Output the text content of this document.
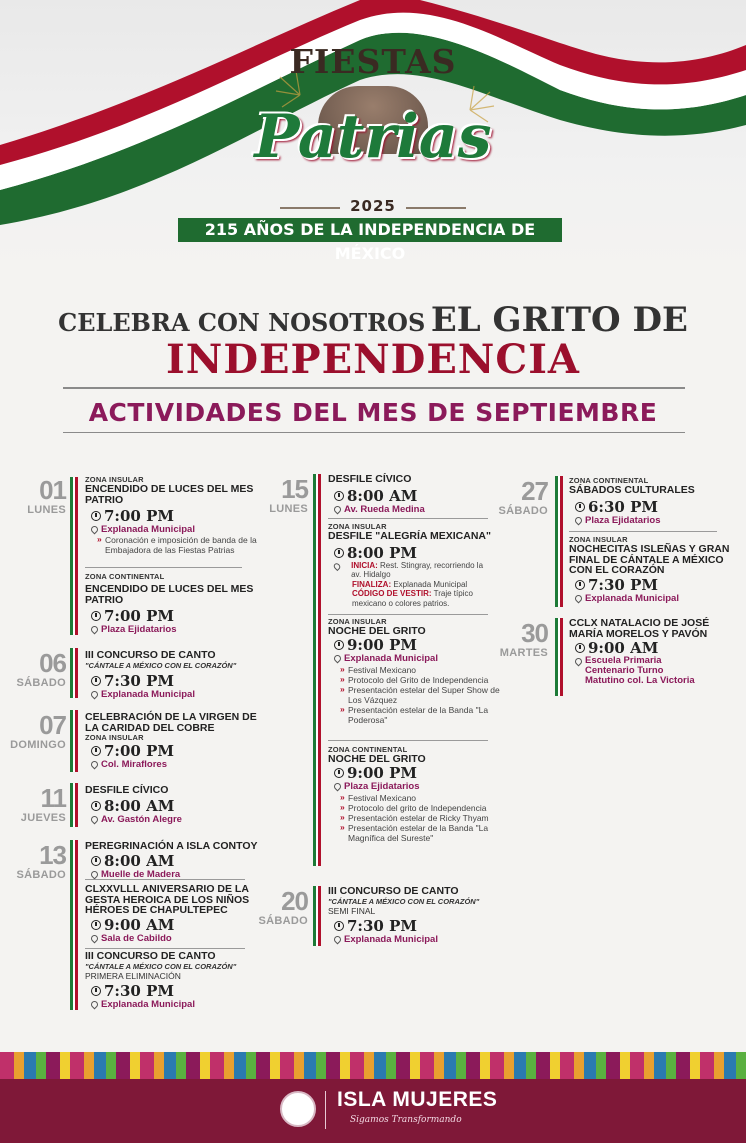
FIESTAS
Patrias
2025
215 AÑOS DE LA INDEPENDENCIA DE MÉXICO
CELEBRA CON NOSOTROS EL GRITO DE
INDEPENDENCIA
ACTIVIDADES DEL MES DE SEPTIEMBRE
01
LUNES
ZONA INSULAR
ENCENDIDO DE LUCES DEL MES PATRIO
7:00 PM
Explanada Municipal
» Coronación e imposición de banda de la Embajadora de las Fiestas Patrias
ZONA CONTINENTAL
ENCENDIDO DE LUCES DEL MES PATRIO
7:00 PM
Plaza Ejidatarios
06
SÁBADO
III CONCURSO DE CANTO
"CÁNTALE A MÉXICO CON EL CORAZÓN"
7:30 PM
Explanada Municipal
07
DOMINGO
CELEBRACIÓN DE LA VIRGEN DE LA CARIDAD DEL COBRE
ZONA INSULAR
7:00 PM
Col. Miraflores
11
JUEVES
DESFILE CÍVICO
8:00 AM
Av. Gastón Alegre
13
SÁBADO
PEREGRINACIÓN A ISLA CONTOY
8:00 AM
Muelle de Madera
CLXXVLLL ANIVERSARIO DE LA GESTA HEROICA DE LOS NIÑOS HÉROES DE CHAPULTEPEC
9:00 AM
Sala de Cabildo
III CONCURSO DE CANTO
"CÁNTALE A MÉXICO CON EL CORAZÓN"
PRIMERA ELIMINACIÓN
7:30 PM
Explanada Municipal
15
LUNES
DESFILE CÍVICO
8:00 AM
Av. Rueda Medina
ZONA INSULAR
DESFILE "ALEGRÍA MEXICANA"
8:00 PM
INICIA: Rest. Stingray, recorriendo la av. Hidalgo
FINALIZA: Explanada Municipal
CÓDIGO DE VESTIR: Traje típico mexicano o colores patrios.
ZONA INSULAR
NOCHE DEL GRITO
9:00 PM
Explanada Municipal
» Festival Mexicano
» Protocolo del Grito de Independencia
» Presentación estelar del Super Show de Los Vázquez
» Presentación estelar de la Banda "La Poderosa"
ZONA CONTINENTAL
NOCHE DEL GRITO
9:00 PM
Plaza Ejidatarios
» Festival Mexicano
» Protocolo del grito de Independencia
» Presentación estelar de Ricky Thyam
» Presentación estelar de la Banda "La Magnífica del Sureste"
20
SÁBADO
III CONCURSO DE CANTO
"CÁNTALE A MÉXICO CON EL CORAZÓN"
SEMI FINAL
7:30 PM
Explanada Municipal
27
SÁBADO
ZONA CONTINENTAL
SÁBADOS CULTURALES
6:30 PM
Plaza Ejidatarios
ZONA INSULAR
NOCHECITAS ISLEÑAS Y GRAN FINAL DE CÁNTALE A MÉXICO CON EL CORAZÓN
7:30 PM
Explanada Municipal
30
MARTES
CCLX NATALACIO DE JOSÉ MARÍA MORELOS Y PAVÓN
9:00 AM
Escuela Primaria Centenario Turno Matutino col. La Victoria
ISLA MUJERES
Sigamos Transformando
